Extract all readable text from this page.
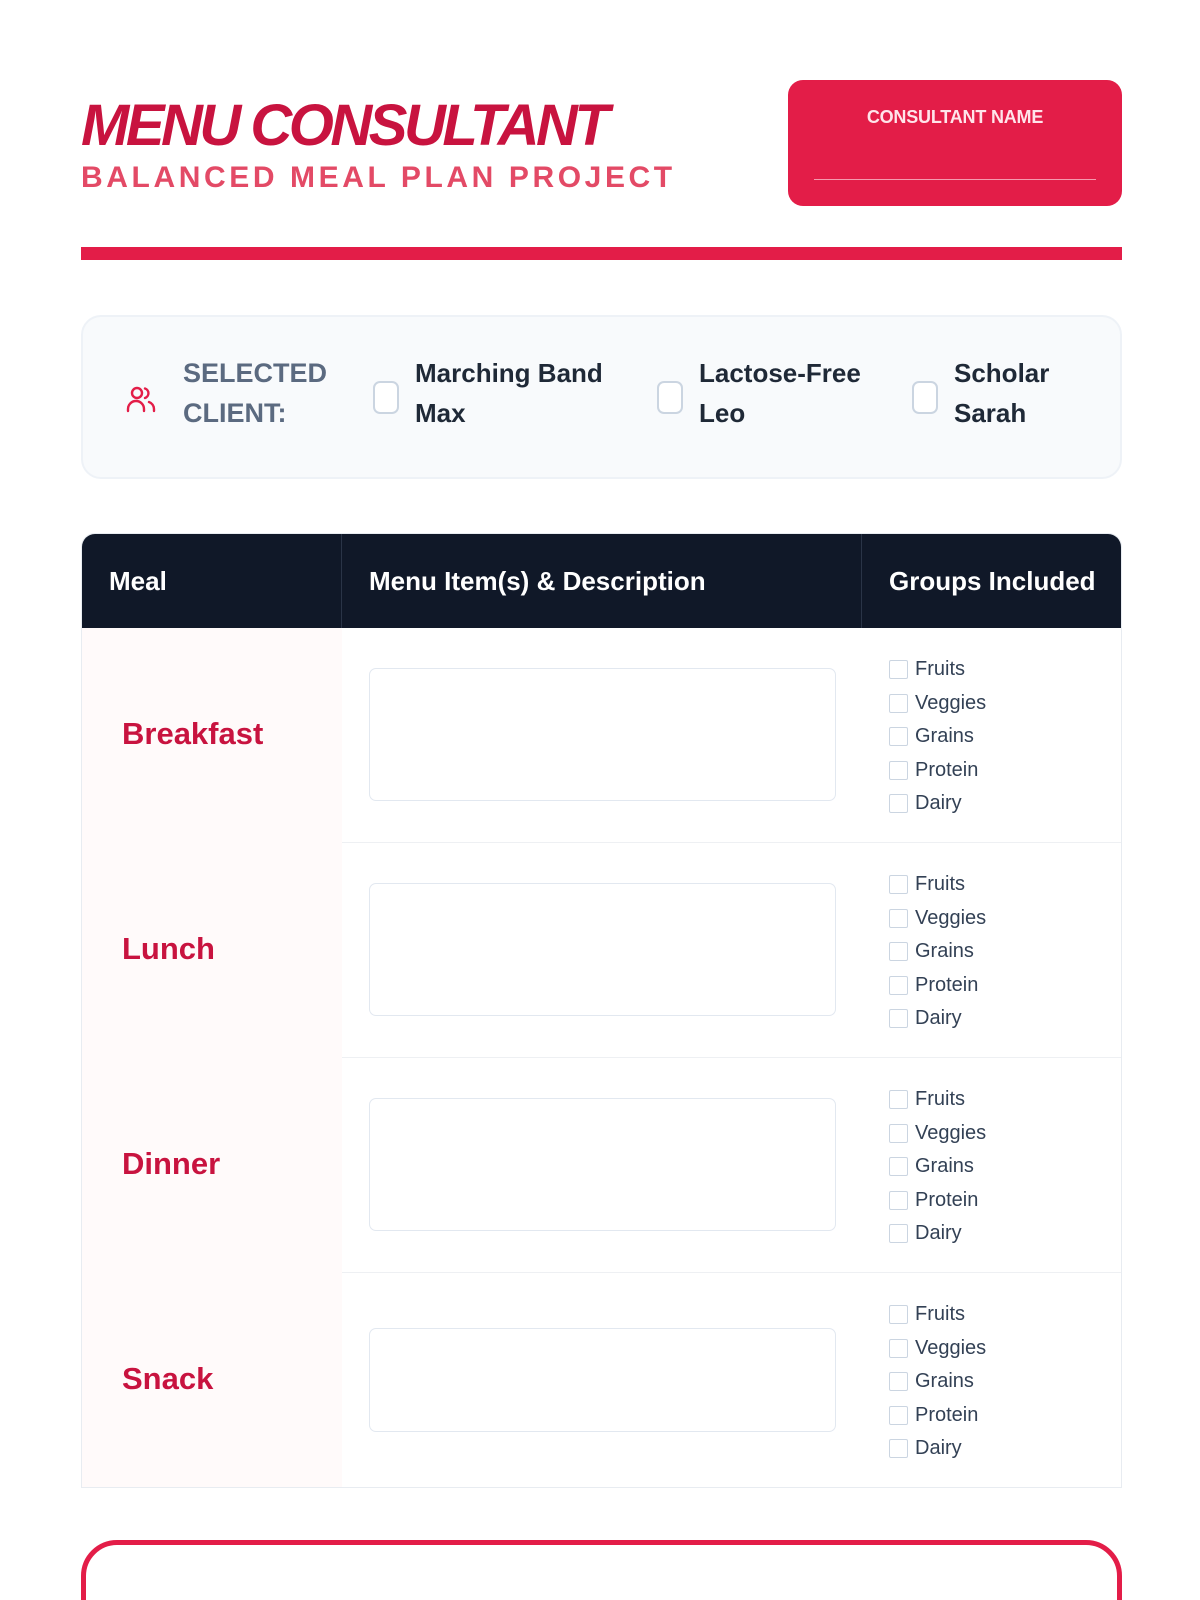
MENU CONSULTANT
BALANCED MEAL PLAN PROJECT
CONSULTANT NAME
SELECTED CLIENT:
Marching Band Max
Lactose-Free Leo
Scholar Sarah
Meal	Menu Item(s) & Description	Groups Included
Breakfast
Fruits
Veggies
Grains
Protein
Dairy
Lunch
Fruits
Veggies
Grains
Protein
Dairy
Dinner
Fruits
Veggies
Grains
Protein
Dairy
Snack
Fruits
Veggies
Grains
Protein
Dairy
